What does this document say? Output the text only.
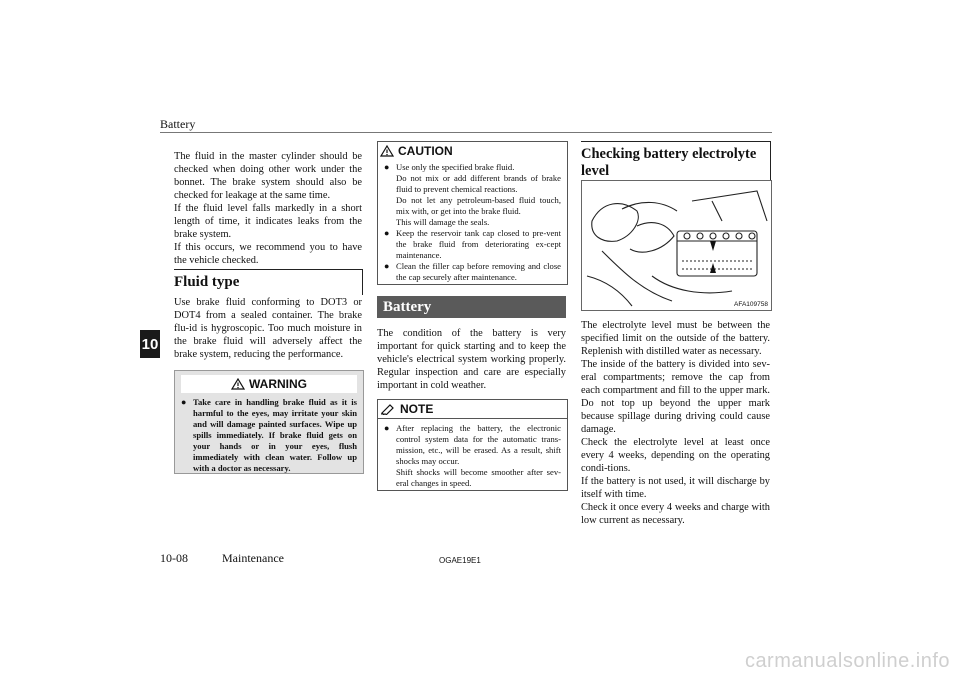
Battery
10

The fluid in the master cylinder should be checked when doing other work under the bonnet. The brake system should also be checked for leakage at the same time.

If the fluid level falls markedly in a short length of time, it indicates leaks from the brake system.

If this occurs, we recommend you to have the vehicle checked.

Fluid type

Use brake fluid conforming to DOT3 or DOT4 from a sealed container. The brake flu-id is hygroscopic. Too much moisture in the brake fluid will adversely affect the brake system, reducing the performance.

WARNING
● Take care in handling brake fluid as it is harmful to the eyes, may irritate your skin and will damage painted surfaces. Wipe up spills immediately. If brake fluid gets on your hands or in your eyes, flush immediately with clean water. Follow up with a doctor as necessary.
CAUTION
● Use only the specified brake fluid.
Do not mix or add different brands of brake fluid to prevent chemical reactions.
Do not let any petroleum-based fluid touch, mix with, or get into the brake fluid.
This will damage the seals.
● Keep the reservoir tank cap closed to pre-vent the brake fluid from deteriorating ex-cept maintenance.
● Clean the filler cap before removing and close the cap securely after maintenance.
Battery

The condition of the battery is very important for quick starting and to keep the vehicle's electrical system working properly. Regular inspection and care are especially important in cold weather.

NOTE
● After replacing the battery, the electronic control system data for the automatic trans-mission, etc., will be erased. As a result, shift shocks may occur.
Shift shocks will become smoother after sev-eral changes in speed.
Checking battery electrolyte level
AFA109758

The electrolyte level must be between the specified limit on the outside of the battery. Replenish with distilled water as necessary.

The inside of the battery is divided into sev-eral compartments; remove the cap from each compartment and fill to the upper mark. Do not top up beyond the upper mark because spillage during driving could cause damage.

Check the electrolyte level at least once every 4 weeks, depending on the operating condi-tions.

If the battery is not used, it will discharge by itself with time.

Check it once every 4 weeks and charge with low current as necessary.

10-08	Maintenance	OGAE19E1
carmanualsonline.info
